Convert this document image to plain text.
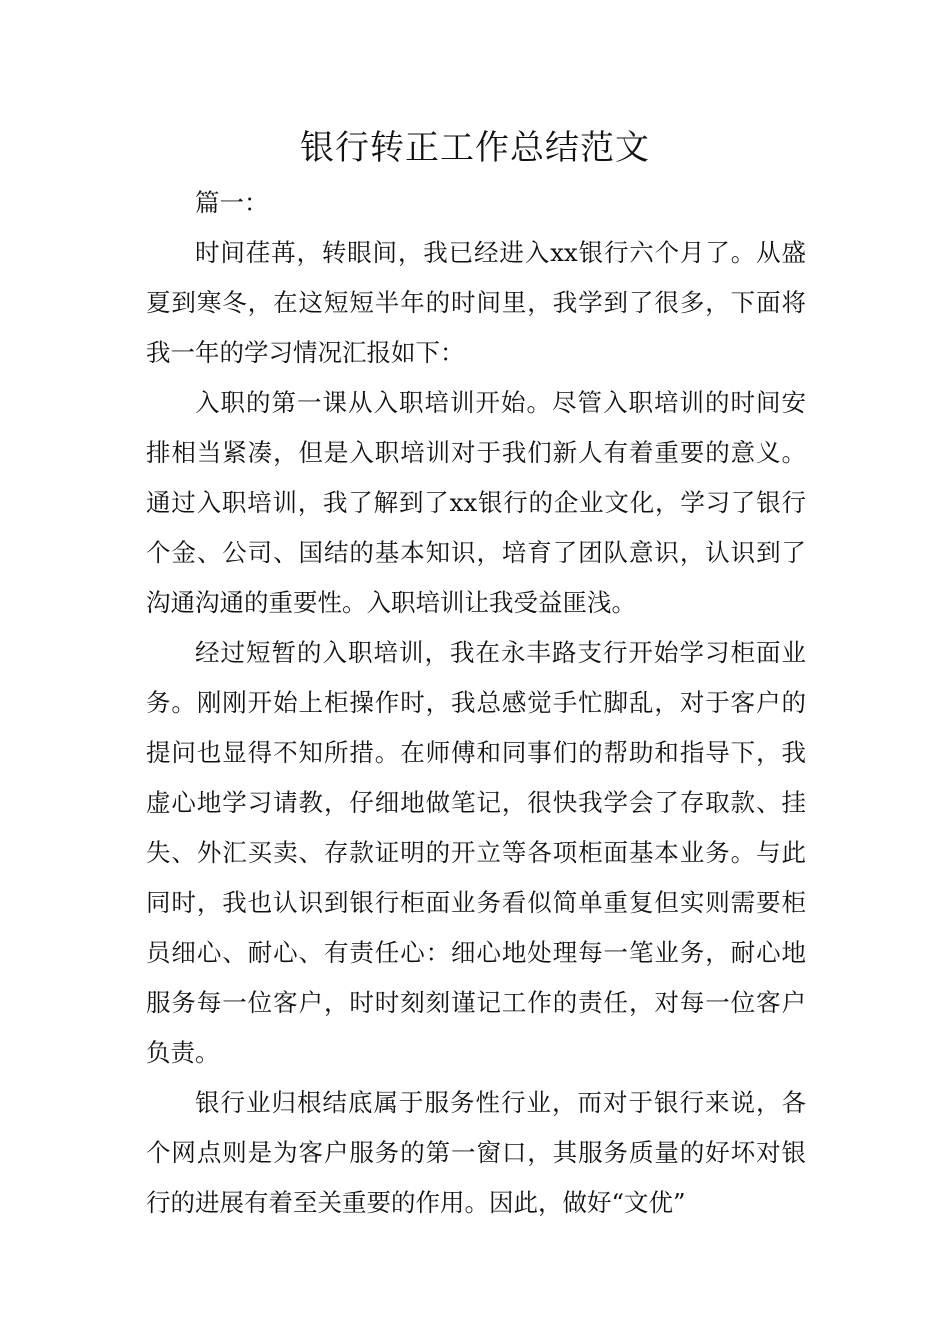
银行转正工作总结范文

篇一：

时间荏苒，转眼间，我已经进入xx银行六个月了。从盛夏到寒冬，在这短短半年的时间里，我学到了很多，下面将我一年的学习情况汇报如下：

入职的第一课从入职培训开始。尽管入职培训的时间安排相当紧凑，但是入职培训对于我们新人有着重要的意义。通过入职培训，我了解到了xx银行的企业文化，学习了银行个金、公司、国结的基本知识，培育了团队意识，认识到了沟通沟通的重要性。入职培训让我受益匪浅。

经过短暂的入职培训，我在永丰路支行开始学习柜面业务。刚刚开始上柜操作时，我总感觉手忙脚乱，对于客户的提问也显得不知所措。在师傅和同事们的帮助和指导下，我虚心地学习请教，仔细地做笔记，很快我学会了存取款、挂失、外汇买卖、存款证明的开立等各项柜面基本业务。与此同时，我也认识到银行柜面业务看似简单重复但实则需要柜员细心、耐心、有责任心：细心地处理每一笔业务，耐心地服务每一位客户，时时刻刻谨记工作的责任，对每一位客户负责。

银行业归根结底属于服务性行业，而对于银行来说，各个网点则是为客户服务的第一窗口，其服务质量的好坏对银行的进展有着至关重要的作用。因此，做好“文优”
